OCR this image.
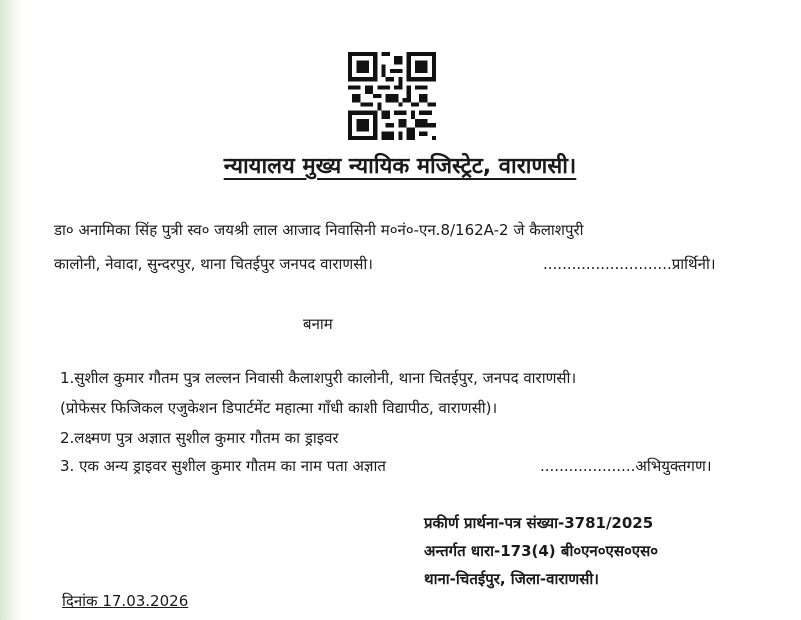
न्यायालय मुख्य न्यायिक मजिस्ट्रेट, वाराणसी।
डा० अनामिका सिंह पुत्री स्व० जयश्री लाल आजाद निवासिनी म०नं०-एन.8/162A-2 जे कैलाशपुरी
कालोनी, नेवादा, सुन्दरपुर, थाना चितईपुर जनपद वाराणसी।	...........................प्रार्थिनी।
बनाम
1.सुशील कुमार गौतम पुत्र लल्लन निवासी कैलाशपुरी कालोनी, थाना चितईपुर, जनपद वाराणसी।
(प्रोफेसर फिजिकल एजुकेशन डिपार्टमेंट महात्मा गाँधी काशी विद्यापीठ, वाराणसी)।
2.लक्ष्मण पुत्र अज्ञात सुशील कुमार गौतम का ड्राइवर
3. एक अन्य ड्राइवर सुशील कुमार गौतम का नाम पता अज्ञात	....................अभियुक्तगण।
प्रकीर्ण प्रार्थना-पत्र संख्या-3781/2025
अन्तर्गत धारा-173(4) बी०एन०एस०एस०
थाना-चितईपुर, जिला-वाराणसी।
दिनांक 17.03.2026
